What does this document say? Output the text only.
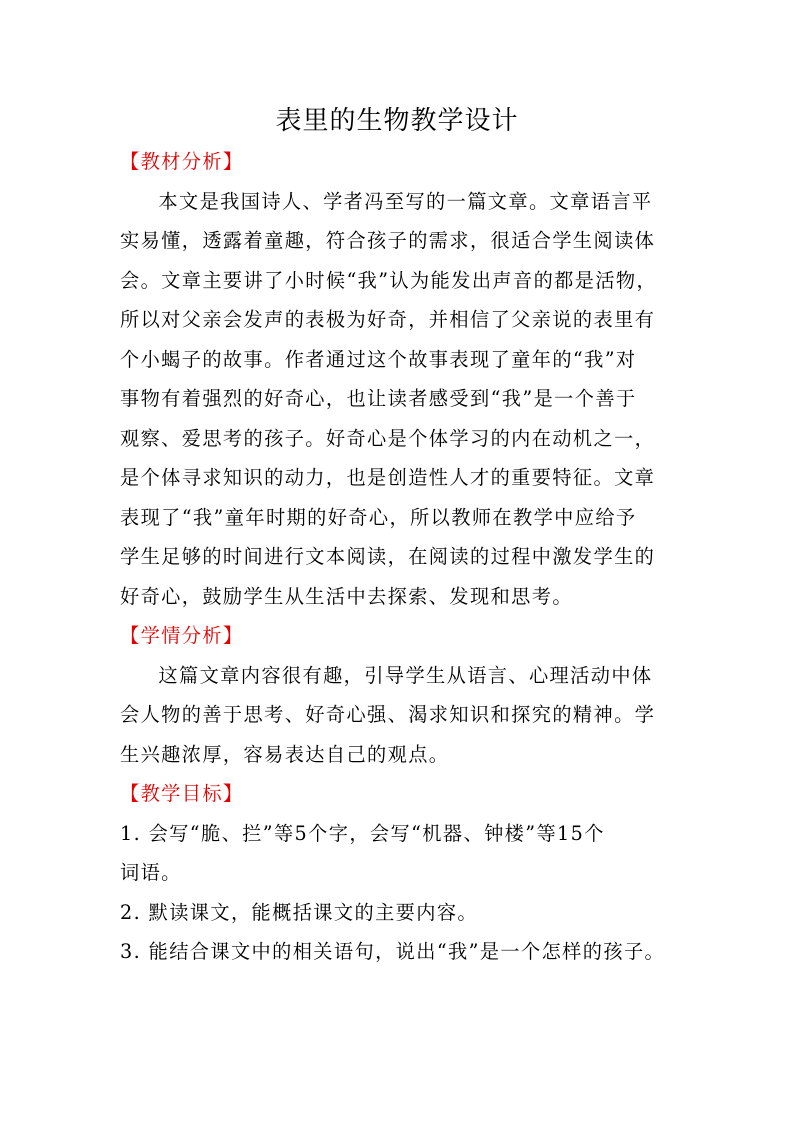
表里的生物教学设计

【教材分析】

本文是我国诗人、学者冯至写的一篇文章。文章语言平
实易懂，透露着童趣，符合孩子的需求，很适合学生阅读体

会。文章主要讲了小时候“我”认为能发出声音的都是活物，
所以对父亲会发声的表极为好奇，并相信了父亲说的表里有
个小蝎子的故事。作者通过这个故事表现了童年的“我”对
事物有着强烈的好奇心，也让读者感受到“我”是一个善于
观察、爱思考的孩子。好奇心是个体学习的内在动机之一，
是个体寻求知识的动力，也是创造性人才的重要特征。文章
表现了“我”童年时期的好奇心，所以教师在教学中应给予
学生足够的时间进行文本阅读，在阅读的过程中激发学生的
好奇心，鼓励学生从生活中去探索、发现和思考。

【学情分析】

这篇文章内容很有趣，引导学生从语言、心理活动中体
会人物的善于思考、好奇心强、渴求知识和探究的精神。学

生兴趣浓厚，容易表达自己的观点。

【教学目标】

1. 会写“脆、拦”等5个字，会写“机器、钟楼”等15个
词语。

2. 默读课文，能概括课文的主要内容。

3. 能结合课文中的相关语句，说出“我”是一个怎样的孩子。
